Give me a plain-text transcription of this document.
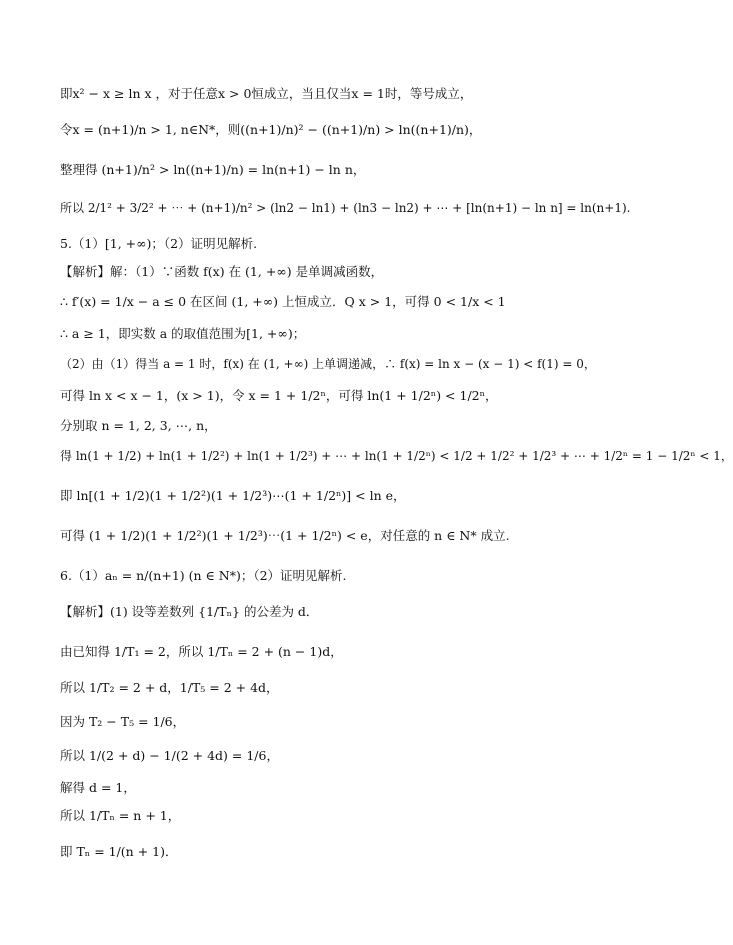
即x² − x ≥ ln x ，对于任意x > 0恒成立，当且仅当x = 1时，等号成立，
令x = (n+1)/n > 1, n∈N*，则((n+1)/n)² − ((n+1)/n) > ln((n+1)/n)，
整理得 (n+1)/n² > ln((n+1)/n) = ln(n+1) − ln n，
所以 2/1² + 3/2² + ⋯ + (n+1)/n² > (ln2 − ln1) + (ln3 − ln2) + ⋯ + [ln(n+1) − ln n] = ln(n+1).
5.（1）[1, +∞)；（2）证明见解析.
【解析】解：（1）∵函数 f(x) 在 (1, +∞) 是单调减函数，
∴ f′(x) = 1/x − a ≤ 0 在区间 (1, +∞) 上恒成立．Q x > 1，可得 0 < 1/x < 1
∴ a ≥ 1，即实数 a 的取值范围为[1, +∞)；
（2）由（1）得当 a = 1 时，f(x) 在 (1, +∞) 上单调递减，∴ f(x) = ln x − (x − 1) < f(1) = 0，
可得 ln x < x − 1，(x > 1)，令 x = 1 + 1/2ⁿ，可得 ln(1 + 1/2ⁿ) < 1/2ⁿ，
分别取 n = 1, 2, 3, ⋯, n，
得 ln(1 + 1/2) + ln(1 + 1/2²) + ln(1 + 1/2³) + ⋯ + ln(1 + 1/2ⁿ) < 1/2 + 1/2² + 1/2³ + ⋯ + 1/2ⁿ = 1 − 1/2ⁿ < 1，
即 ln[(1 + 1/2)(1 + 1/2²)(1 + 1/2³)⋯(1 + 1/2ⁿ)] < ln e，
可得 (1 + 1/2)(1 + 1/2²)(1 + 1/2³)⋯(1 + 1/2ⁿ) < e，对任意的 n ∈ N* 成立.
6.（1）aₙ = n/(n+1) (n ∈ N*)；（2）证明见解析.
【解析】(1) 设等差数列 {1/Tₙ} 的公差为 d．
由已知得 1/T₁ = 2，所以 1/Tₙ = 2 + (n − 1)d，
所以 1/T₂ = 2 + d，1/T₅ = 2 + 4d，
因为 T₂ − T₅ = 1/6，
所以 1/(2 + d) − 1/(2 + 4d) = 1/6，
解得 d = 1，
所以 1/Tₙ = n + 1，
即 Tₙ = 1/(n + 1)．
